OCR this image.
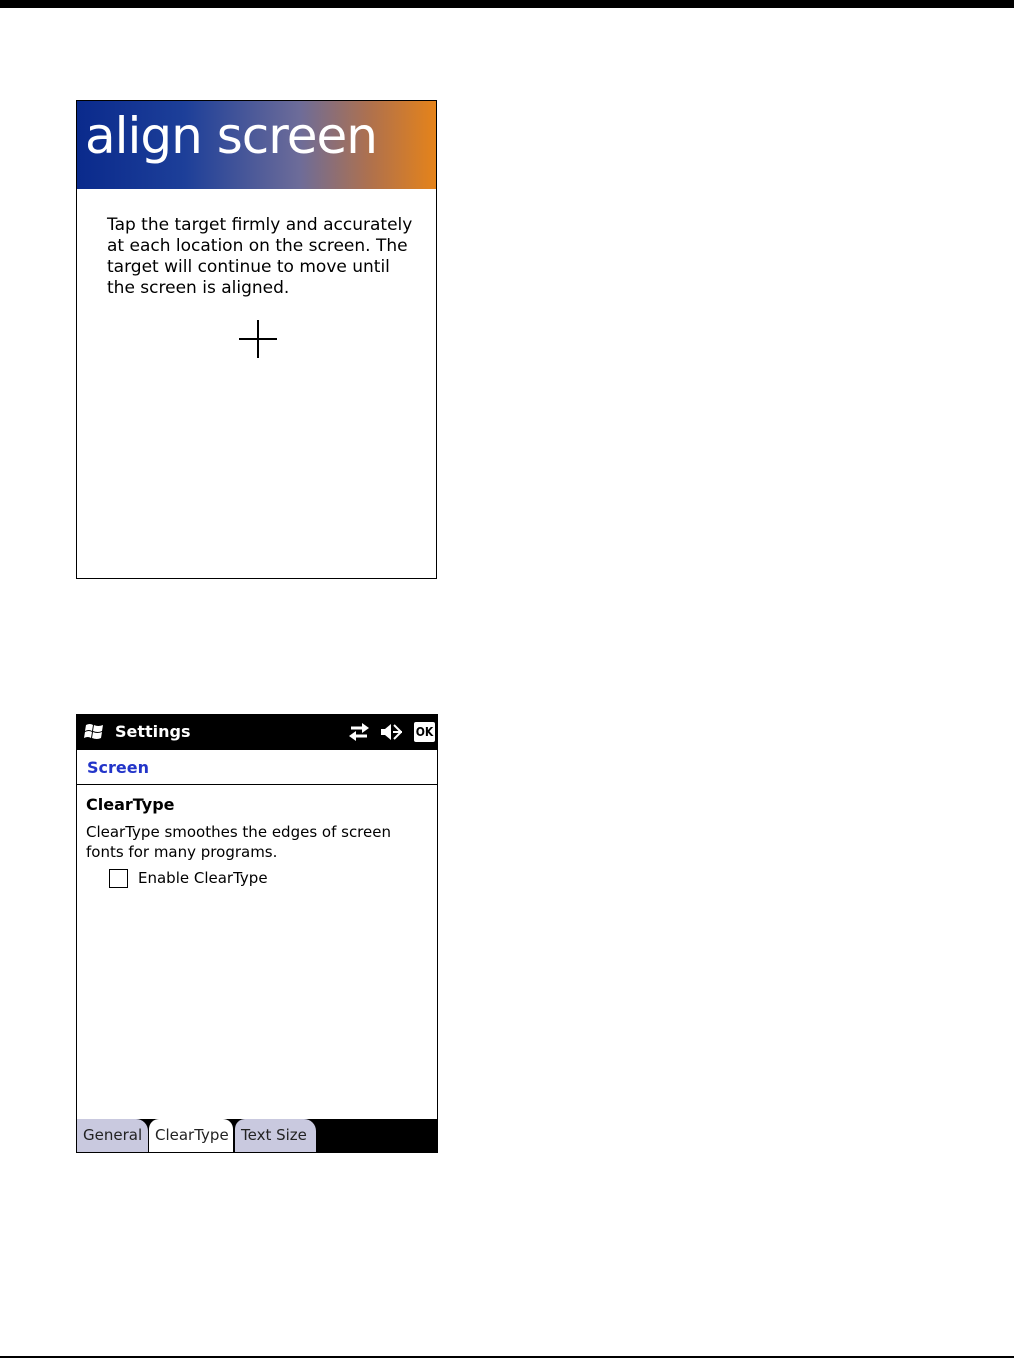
align screen
Tap the target firmly and accurately at each location on the screen. The target will continue to move until the screen is aligned.
Settings	OK
Screen
ClearType
ClearType smoothes the edges of screen fonts for many programs.
Enable ClearType
General ClearType Text Size
